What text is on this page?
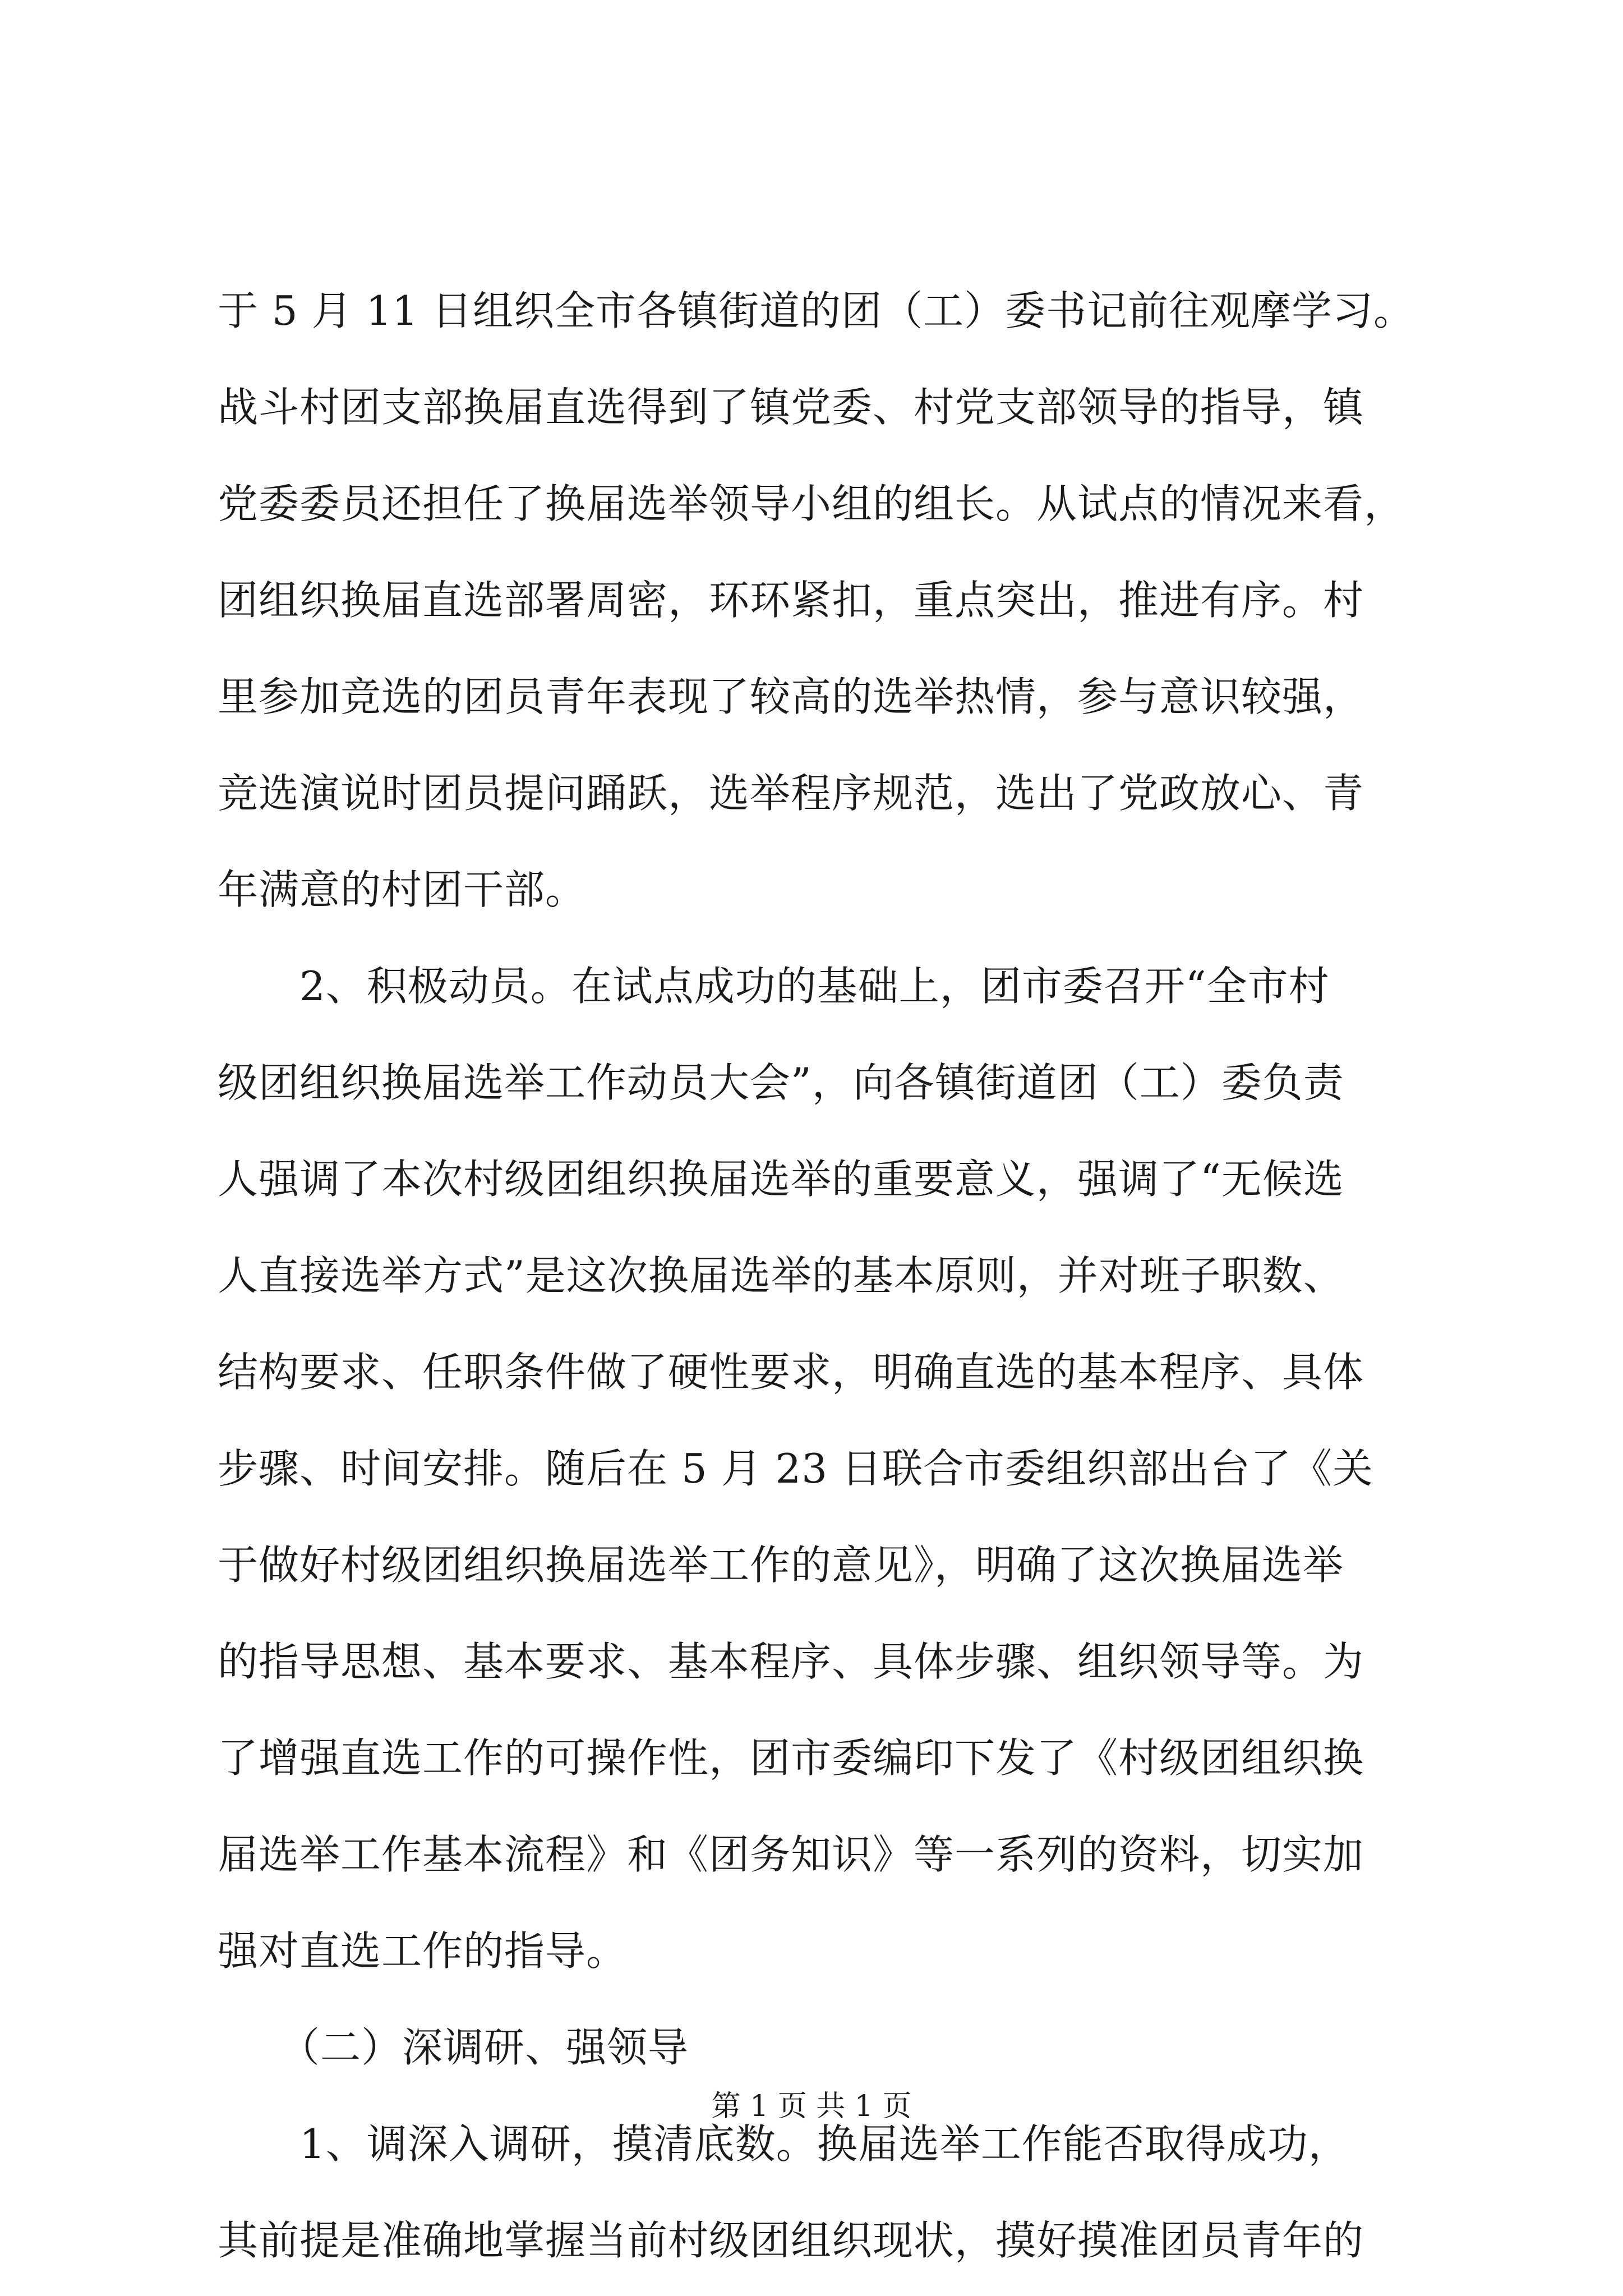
于 5 月 11 日组织全市各镇街道的团（工）委书记前往观摩学习。
战斗村团支部换届直选得到了镇党委、村党支部领导的指导，镇
党委委员还担任了换届选举领导小组的组长。从试点的情况来看，
团组织换届直选部署周密，环环紧扣，重点突出，推进有序。村
里参加竞选的团员青年表现了较高的选举热情，参与意识较强，
竞选演说时团员提问踊跃，选举程序规范，选出了党政放心、青
年满意的村团干部。
　　2、积极动员。在试点成功的基础上，团市委召开“全市村
级团组织换届选举工作动员大会”，向各镇街道团（工）委负责
人强调了本次村级团组织换届选举的重要意义，强调了“无候选
人直接选举方式”是这次换届选举的基本原则，并对班子职数、
结构要求、任职条件做了硬性要求，明确直选的基本程序、具体
步骤、时间安排。随后在 5 月 23 日联合市委组织部出台了《关
于做好村级团组织换届选举工作的意见》，明确了这次换届选举
的指导思想、基本要求、基本程序、具体步骤、组织领导等。为
了增强直选工作的可操作性，团市委编印下发了《村级团组织换
届选举工作基本流程》和《团务知识》等一系列的资料，切实加
强对直选工作的指导。
　　（二）深调研、强领导
　　1、调深入调研，摸清底数。换届选举工作能否取得成功，
其前提是准确地掌握当前村级团组织现状，摸好摸准团员青年的
第 1 页 共 1 页
